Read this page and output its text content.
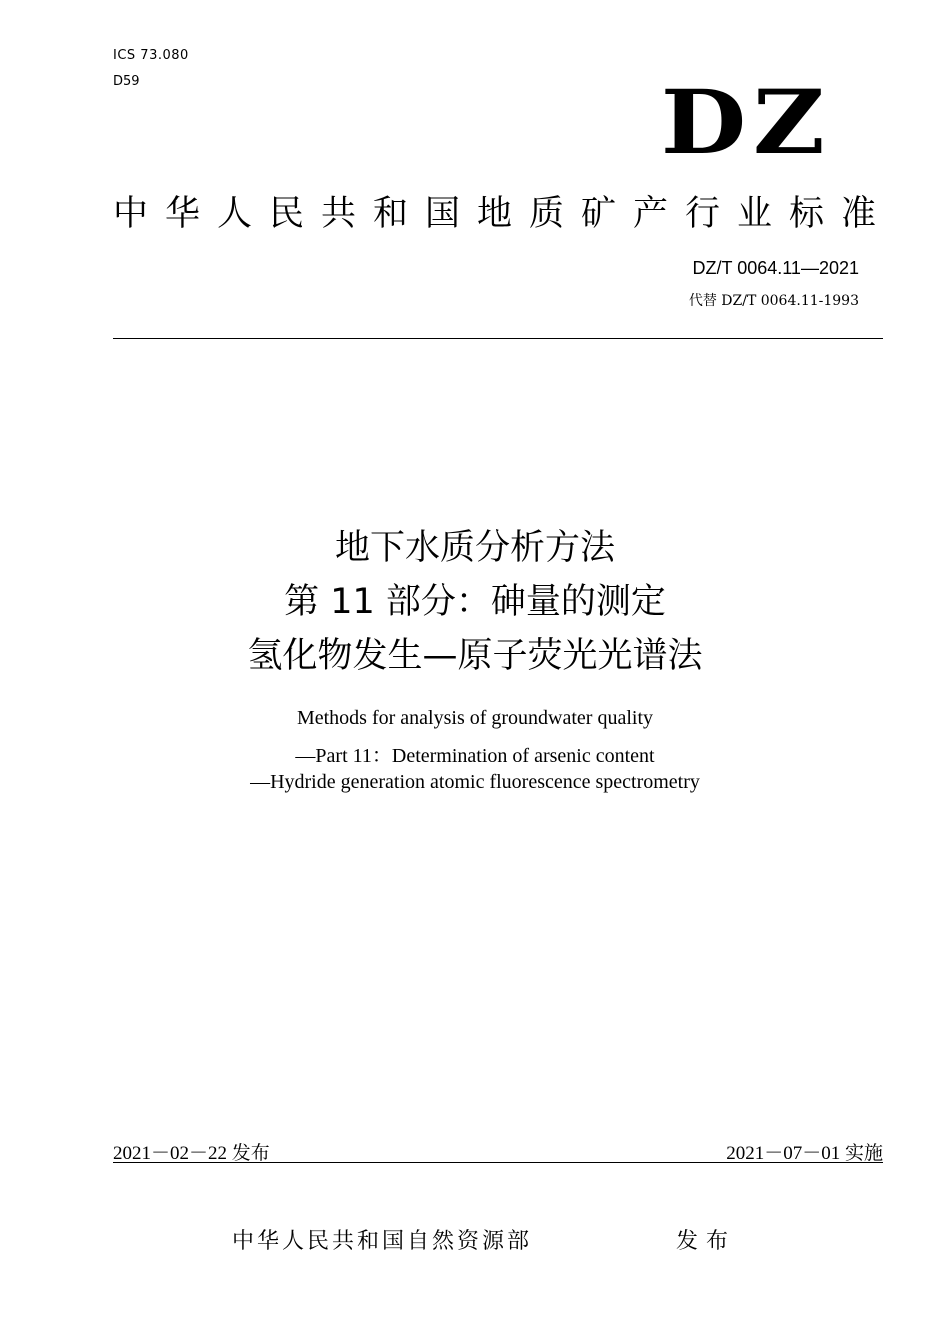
ICS 73.080
D59	DZ
中华人民共和国地质矿产行业标准
DZ/T 0064.11—2021
代替 DZ/T 0064.11-1993
地下水质分析方法
第 11 部分：砷量的测定
氢化物发生—原子荧光光谱法
Methods for analysis of groundwater quality
—Part 11：Determination of arsenic content
—Hydride generation atomic fluorescence spectrometry
2021－02－22 发布	2021－07－01 实施
中华人民共和国自然资源部	发布
